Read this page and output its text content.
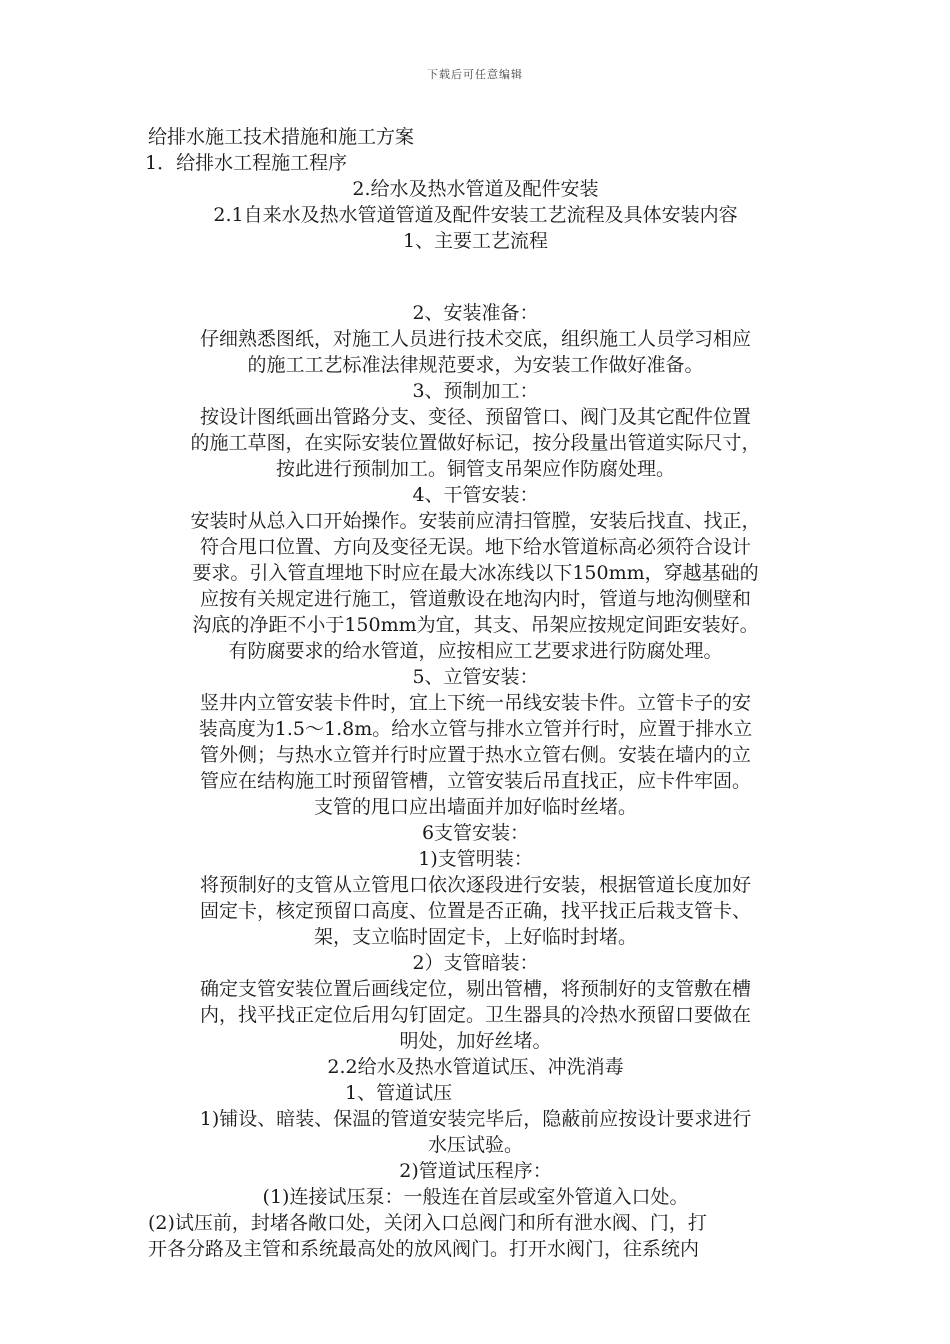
下载后可任意编辑
给排水施工技术措施和施工方案
1．给排水工程施工程序
2.给水及热水管道及配件安装
2.1自来水及热水管道管道及配件安装工艺流程及具体安装内容
1、主要工艺流程
2、安装准备：
仔细熟悉图纸，对施工人员进行技术交底，组织施工人员学习相应
的施工工艺标准法律规范要求，为安装工作做好准备。
3、预制加工：
按设计图纸画出管路分支、变径、预留管口、阀门及其它配件位置
的施工草图，在实际安装位置做好标记，按分段量出管道实际尺寸，
按此进行预制加工。铜管支吊架应作防腐处理。
4、干管安装：
安装时从总入口开始操作。安装前应清扫管膛，安装后找直、找正，
符合甩口位置、方向及变径无误。地下给水管道标高必须符合设计
要求。引入管直埋地下时应在最大冰冻线以下150mm，穿越基础的
应按有关规定进行施工，管道敷设在地沟内时，管道与地沟侧壁和
沟底的净距不小于150mm为宜，其支、吊架应按规定间距安装好。
有防腐要求的给水管道，应按相应工艺要求进行防腐处理。
5、立管安装：
竖井内立管安装卡件时，宜上下统一吊线安装卡件。立管卡子的安
装高度为1.5～1.8m。给水立管与排水立管并行时，应置于排水立
管外侧；与热水立管并行时应置于热水立管右侧。安装在墙内的立
管应在结构施工时预留管槽，立管安装后吊直找正，应卡件牢固。
支管的甩口应出墙面并加好临时丝堵。
6支管安装：
1)支管明装：
将预制好的支管从立管甩口依次逐段进行安装，根据管道长度加好
固定卡，核定预留口高度、位置是否正确，找平找正后栽支管卡、
架，支立临时固定卡，上好临时封堵。
2）支管暗装：
确定支管安装位置后画线定位，剔出管槽，将预制好的支管敷在槽
内，找平找正定位后用勾钉固定。卫生器具的冷热水预留口要做在
明处，加好丝堵。
2.2给水及热水管道试压、冲洗消毒
1、管道试压
1)铺设、暗装、保温的管道安装完毕后，隐蔽前应按设计要求进行
水压试验。
2)管道试压程序：
(1)连接试压泵：一般连在首层或室外管道入口处。
(2)试压前，封堵各敞口处，关闭入口总阀门和所有泄水阀、门，打
开各分路及主管和系统最高处的放风阀门。打开水阀门，往系统内
